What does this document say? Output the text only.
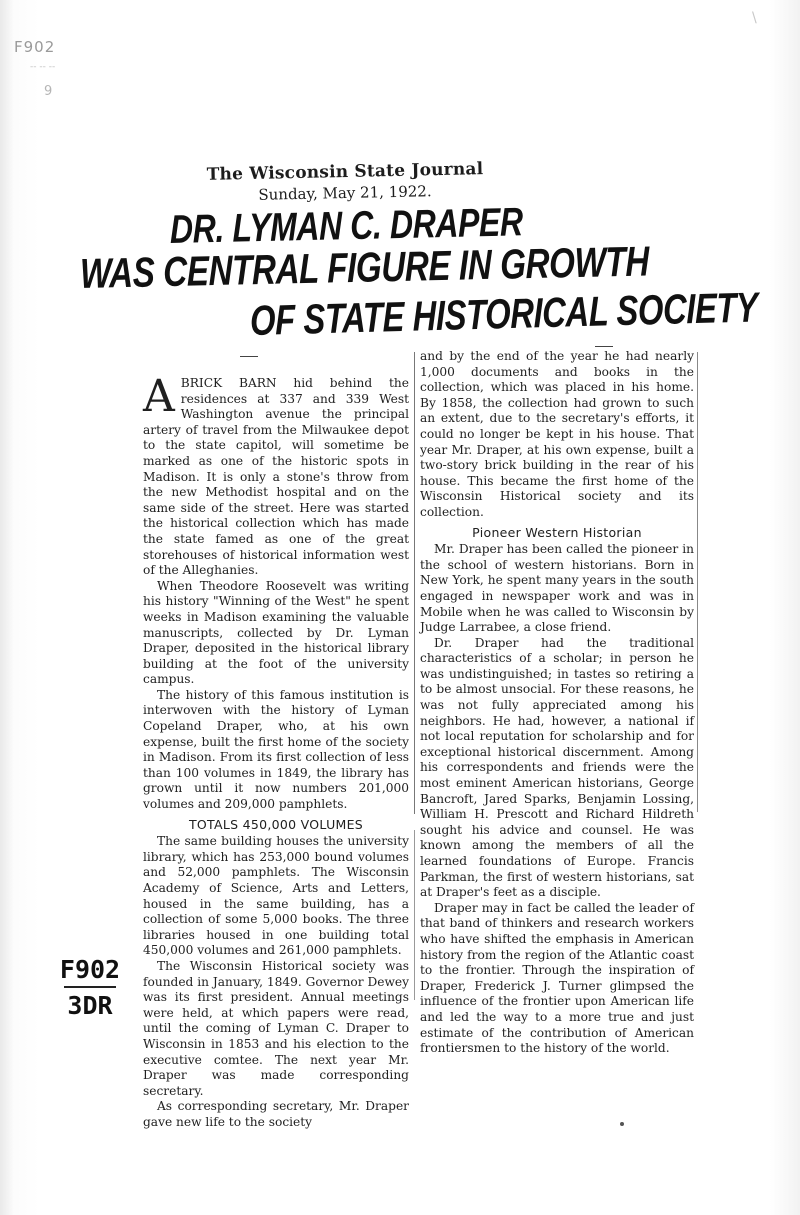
F902
-- -- --
9
\
The Wisconsin State Journal
Sunday, May 21, 1922.
DR. LYMAN C. DRAPER
WAS CENTRAL FIGURE IN GROWTH
OF STATE HISTORICAL SOCIETY

ABRICK BARN hid behind the residences at 337 and 339 West Washington avenue the principal artery of travel from the Milwaukee depot to the state capitol, will sometime be marked as one of the historic spots in Madison. It is only a stone's throw from the new Methodist hospital and on the same side of the street. Here was started the historical collection which has made the state famed as one of the great storehouses of historical information west of the Alleghanies.

When Theodore Roosevelt was writing his history "Winning of the West" he spent weeks in Madison examining the valuable manuscripts, collected by Dr. Lyman Draper, deposited in the historical library building at the foot of the university campus.

The history of this famous institution is interwoven with the history of Lyman Copeland Draper, who, at his own expense, built the first home of the society in Madison. From its first collection of less than 100 volumes in 1849, the library has grown until it now numbers 201,000 volumes and 209,000 pamphlets.

TOTALS 450,000 VOLUMES

The same building houses the university library, which has 253,000 bound volumes and 52,000 pamphlets. The Wisconsin Academy of Science, Arts and Letters, housed in the same building, has a collection of some 5,000 books. The three libraries housed in one building total 450,000 volumes and 261,000 pamphlets.

The Wisconsin Historical society was founded in January, 1849. Governor Dewey was its first president. Annual meetings were held, at which papers were read, until the coming of Lyman C. Draper to Wisconsin in 1853 and his election to the executive comtee. The next year Mr. Draper was made corresponding secretary.

As corresponding secretary, Mr. Draper gave new life to the society

and by the end of the year he had nearly 1,000 documents and books in the collection, which was placed in his home. By 1858, the collection had grown to such an extent, due to the secretary's efforts, it could no longer be kept in his house. That year Mr. Draper, at his own expense, built a two-story brick building in the rear of his house. This became the first home of the Wisconsin Historical society and its collection.

Pioneer Western Historian

Mr. Draper has been called the pioneer in the school of western historians. Born in New York, he spent many years in the south engaged in newspaper work and was in Mobile when he was called to Wisconsin by Judge Larrabee, a close friend.

Dr. Draper had the traditional characteristics of a scholar; in person he was undistinguished; in tastes so retiring a to be almost unsocial. For these reasons, he was not fully appreciated among his neighbors. He had, however, a national if not local reputation for scholarship and for exceptional historical discernment. Among his correspondents and friends were the most eminent American historians, George Bancroft, Jared Sparks, Benjamin Lossing, William H. Prescott and Richard Hildreth sought his advice and counsel. He was known among the members of all the learned foundations of Europe. Francis Parkman, the first of western historians, sat at Draper's feet as a disciple.

Draper may in fact be called the leader of that band of thinkers and research workers who have shifted the emphasis in American history from the region of the Atlantic coast to the frontier. Through the inspiration of Draper, Frederick J. Turner glimpsed the influence of the frontier upon American life and led the way to a more true and just estimate of the contribution of American frontiersmen to the history of the world.

F902
3DR
